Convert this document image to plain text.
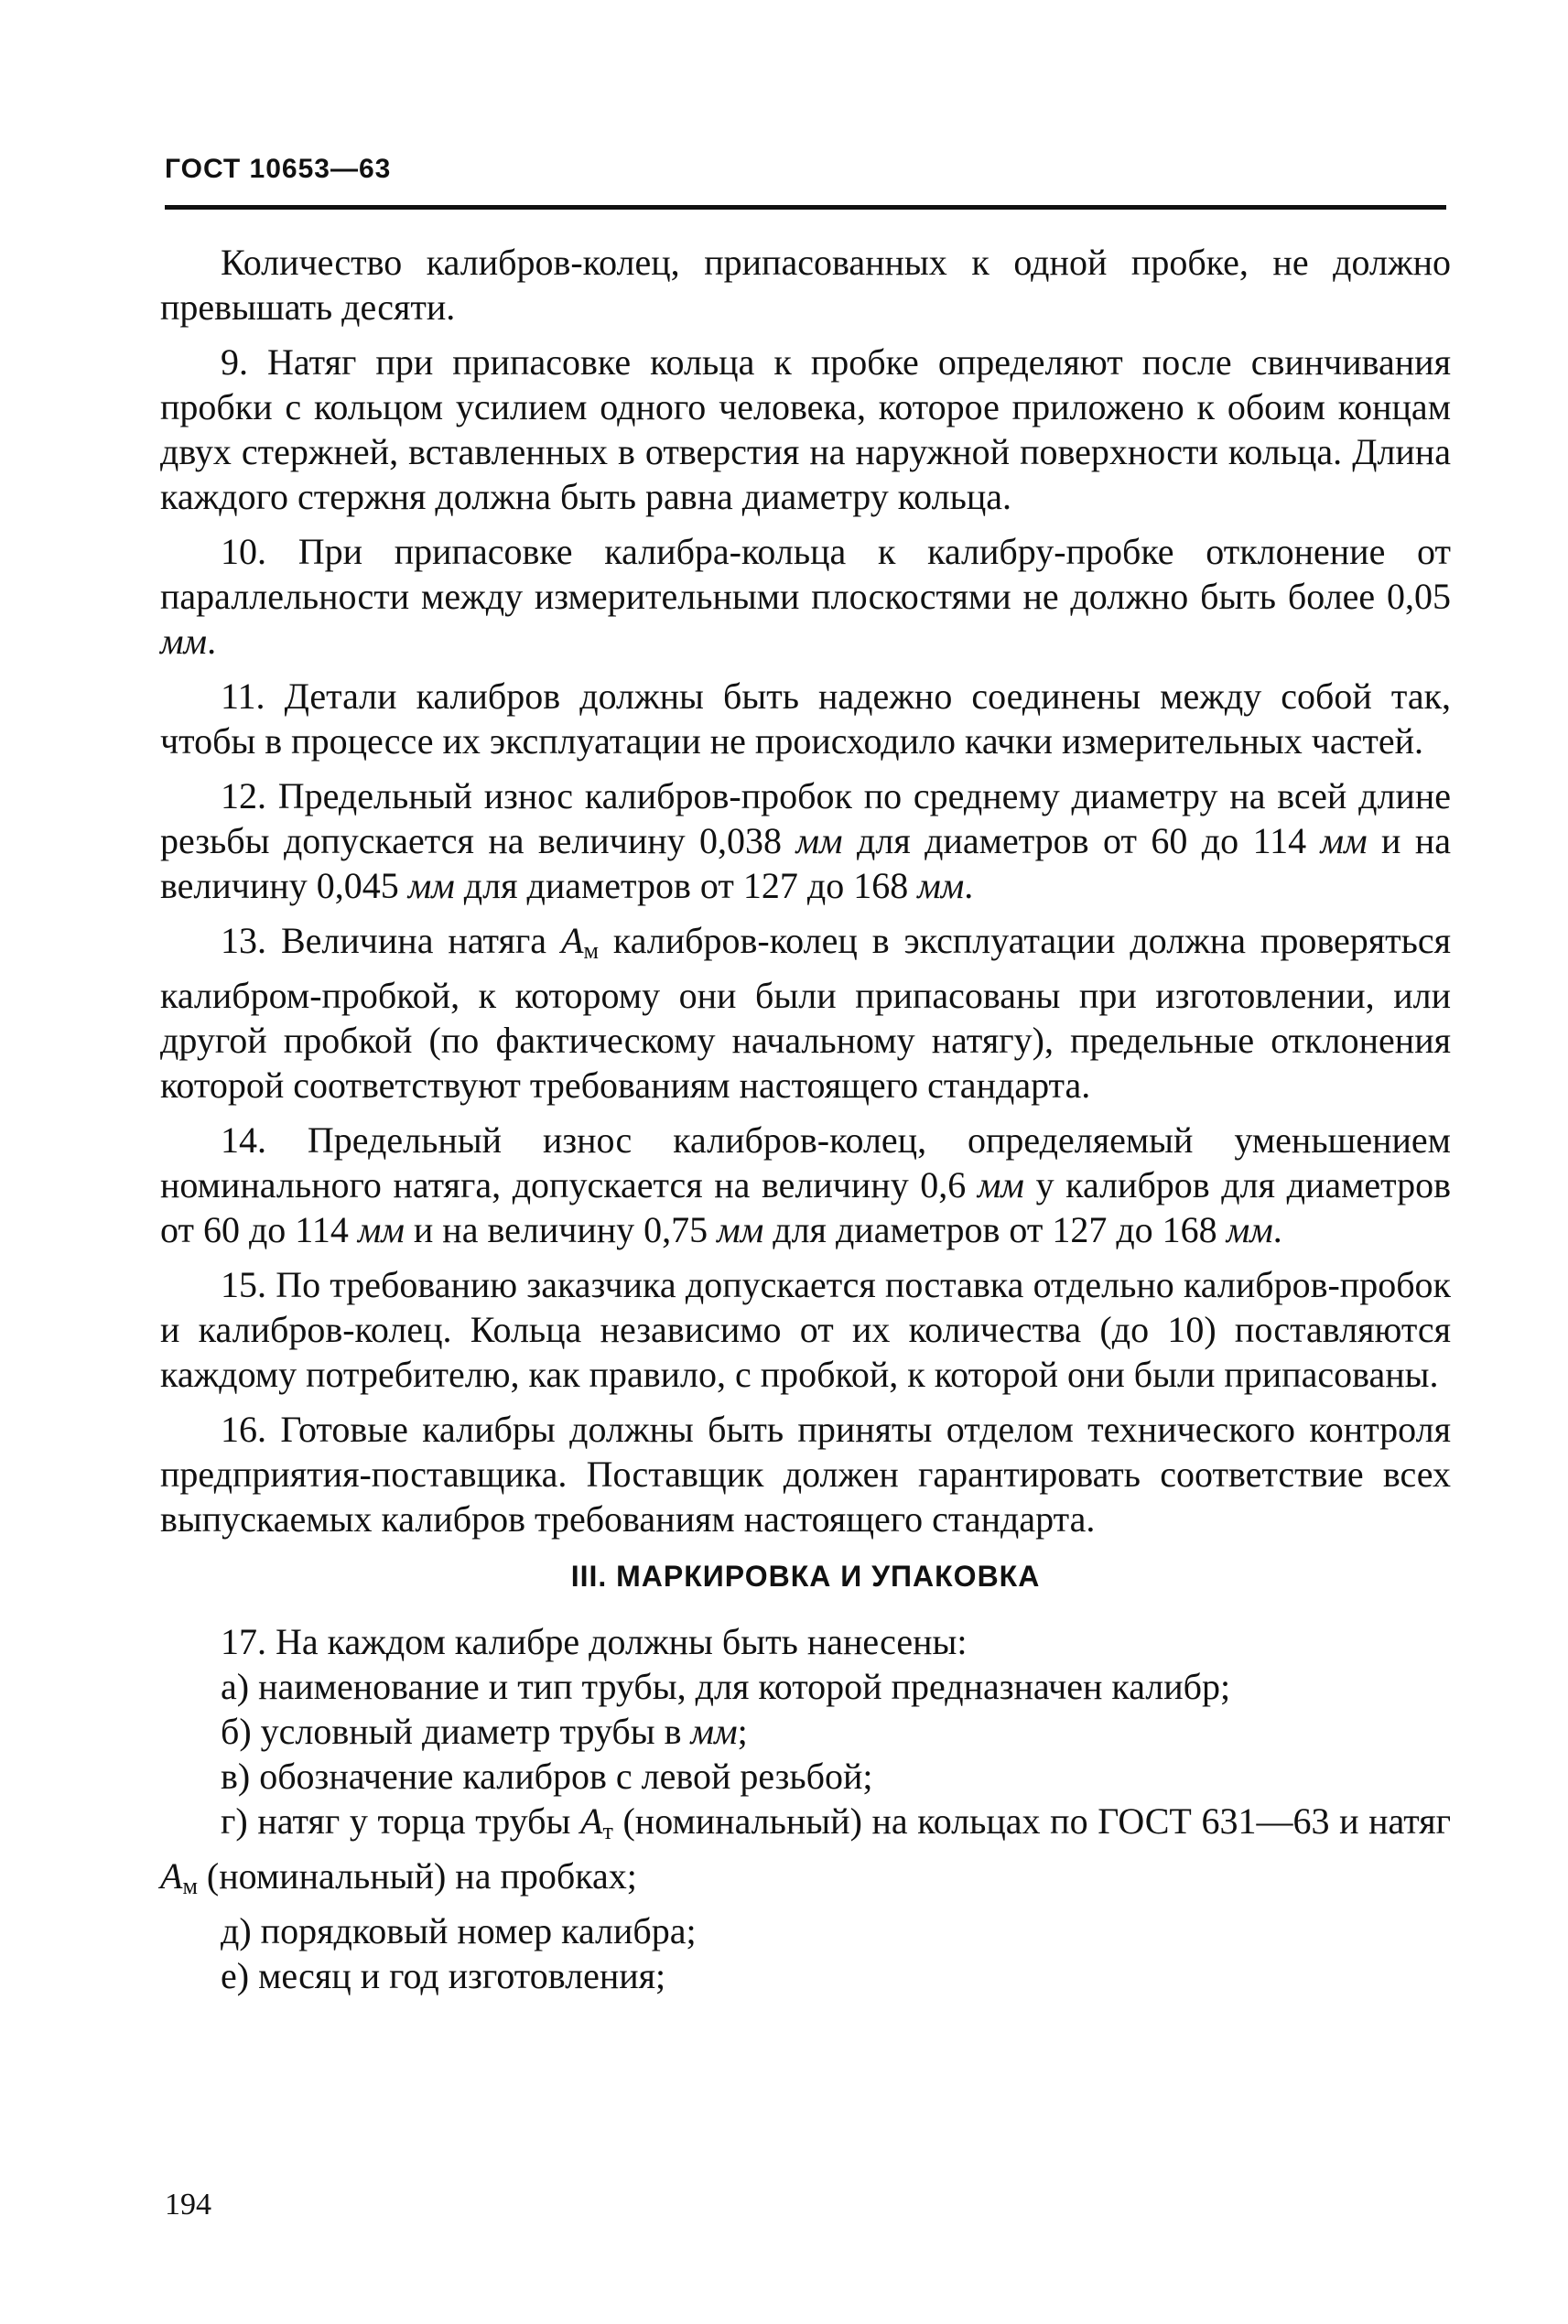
ГОСТ 10653—63

Количество калибров-колец, припасованных к одной пробке, не должно превышать десяти.

9. Натяг при припасовке кольца к пробке определяют после свинчивания пробки с кольцом усилием одного человека, которое приложено к обоим концам двух стержней, вставленных в отверстия на наружной поверхности кольца. Длина каждого стержня должна быть равна диаметру кольца.

10. При припасовке калибра-кольца к калибру-пробке отклонение от параллельности между измерительными плоскостями не должно быть более 0,05 мм.

11. Детали калибров должны быть надежно соединены между собой так, чтобы в процессе их эксплуатации не происходило качки измерительных частей.

12. Предельный износ калибров-пробок по среднему диаметру на всей длине резьбы допускается на величину 0,038 мм для диаметров от 60 до 114 мм и на величину 0,045 мм для диаметров от 127 до 168 мм.

13. Величина натяга $A_м$ калибров-колец в эксплуатации должна проверяться калибром-пробкой, к которому они были припасованы при изготовлении, или другой пробкой (по фактическому начальному натягу), предельные отклонения которой соответствуют требованиям настоящего стандарта.

14. Предельный износ калибров-колец, определяемый уменьшением номинального натяга, допускается на величину 0,6 мм у калибров для диаметров от 60 до 114 мм и на величину 0,75 мм для диаметров от 127 до 168 мм.

15. По требованию заказчика допускается поставка отдельно калибров-пробок и калибров-колец. Кольца независимо от их количества (до 10) поставляются каждому потребителю, как правило, с пробкой, к которой они были припасованы.

16. Готовые калибры должны быть приняты отделом технического контроля предприятия-поставщика. Поставщик должен гарантировать соответствие всех выпускаемых калибров требованиям настоящего стандарта.

III. МАРКИРОВКА И УПАКОВКА

17. На каждом калибре должны быть нанесены:

а) наименование и тип трубы, для которой предназначен калибр;

б) условный диаметр трубы в мм;

в) обозначение калибров с левой резьбой;

г) натяг у торца трубы $A_т$ (номинальный) на кольцах по ГОСТ 631—63 и натяг $A_м$ (номинальный) на пробках;

д) порядковый номер калибра;

е) месяц и год изготовления;

194
